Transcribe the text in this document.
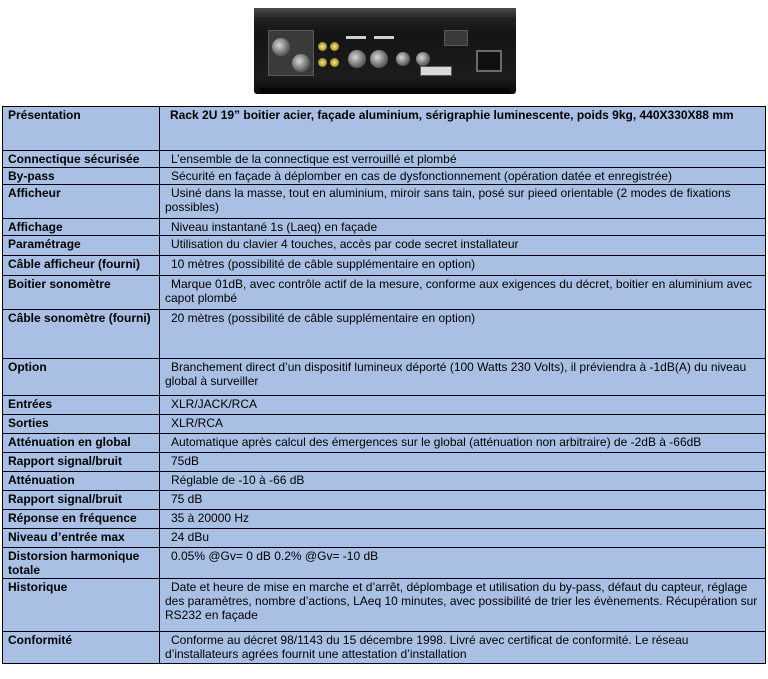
Présentation	Rack 2U 19” boitier acier, façade aluminium, sérigraphie luminescente, poids 9kg, 440X330X88 mm
Connectique sécurisée	L’ensemble de la connectique est verrouillé et plombé
By-pass	Sécurité en façade à déplomber en cas de dysfonctionnement (opération datée et enregistrée)
Afficheur	Usiné dans la masse, tout en aluminium, miroir sans tain, posé sur pieed orientable (2 modes de fixations possibles)
Affichage	Niveau instantané 1s (Laeq) en façade
Paramétrage	Utilisation du clavier 4 touches, accès par code secret installateur
Câble afficheur (fourni)	10 mètres (possibilité de câble supplémentaire en option)
Boitier sonomètre	Marque 01dB, avec contrôle actif de la mesure, conforme aux exigences du décret, boitier en aluminium avec capot plombé
Câble sonomètre (fourni)	20 mètres (possibilité de câble supplémentaire en option)
Option	Branchement direct d’un dispositif lumineux déporté (100 Watts 230 Volts), il préviendra à -1dB(A) du niveau global à surveiller
Entrées	XLR/JACK/RCA
Sorties	XLR/RCA
Atténuation en global	Automatique après calcul des émergences sur le global (atténuation non arbitraire) de -2dB à -66dB
Rapport signal/bruit	75dB
Atténuation	Réglable de -10 à -66 dB
Rapport signal/bruit	75 dB
Réponse en fréquence	35 à 20000 Hz
Niveau d’entrée max	24 dBu
Distorsion harmonique totale	0.05% @Gv= 0 dB 0.2% @Gv= -10 dB
Historique	Date et heure de mise en marche et d’arrêt, déplombage et utilisation du by-pass, défaut du capteur, réglage des paramètres, nombre d’actions, LAeq 10 minutes, avec possibilité de trier les évènements. Récupération sur RS232 en façade
Conformité	Conforme au décret 98/1143 du 15 décembre 1998. Livré avec certificat de conformité. Le réseau d’installateurs agrées fournit une attestation d’installation
